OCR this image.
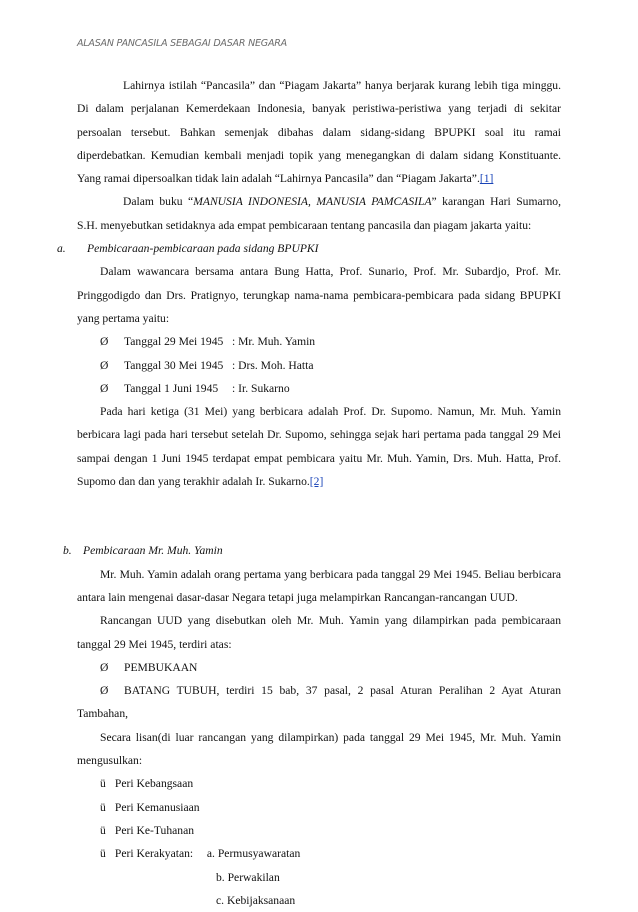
ALASAN PANCASILA SEBAGAI DASAR NEGARA

Lahirnya istilah “Pancasila” dan “Piagam Jakarta” hanya berjarak kurang lebih tiga minggu. Di dalam perjalanan Kemerdekaan Indonesia, banyak peristiwa-peristiwa yang terjadi di sekitar persoalan tersebut. Bahkan semenjak dibahas dalam sidang-sidang BPUPKI soal itu ramai diperdebatkan. Kemudian kembali menjadi topik yang menegangkan di dalam sidang Konstituante. Yang ramai dipersoalkan tidak lain adalah “Lahirnya Pancasila” dan “Piagam Jakarta”.[1]

Dalam buku “MANUSIA INDONESIA, MANUSIA PAMCASILA” karangan Hari Sumarno, S.H. menyebutkan setidaknya ada empat pembicaraan tentang pancasila dan piagam jakarta yaitu:

a. Pembicaraan-pembicaraan pada sidang BPUPKI

Dalam wawancara bersama antara Bung Hatta, Prof. Sunario, Prof. Mr. Subardjo, Prof. Mr. Pringgodigdo dan Drs. Pratignyo, terungkap nama-nama pembicara-pembicara pada sidang BPUPKI yang pertama yaitu:

Ø	Tanggal 29 Mei 1945 : Mr. Muh. Yamin
Ø	Tanggal 30 Mei 1945 : Drs. Moh. Hatta
Ø	Tanggal 1 Juni 1945	: Ir. Sukarno

Pada hari ketiga (31 Mei) yang berbicara adalah Prof. Dr. Supomo. Namun, Mr. Muh. Yamin berbicara lagi pada hari tersebut setelah Dr. Supomo, sehingga sejak hari pertama pada tanggal 29 Mei sampai dengan 1 Juni 1945 terdapat empat pembicara yaitu Mr. Muh. Yamin, Drs. Muh. Hatta, Prof. Supomo dan dan yang terakhir adalah Ir. Sukarno.[2]

b. Pembicaraan Mr. Muh. Yamin

Mr. Muh. Yamin adalah orang pertama yang berbicara pada tanggal 29 Mei 1945. Beliau berbicara antara lain mengenai dasar-dasar Negara tetapi juga melampirkan Rancangan-rancangan UUD.

Rancangan UUD yang disebutkan oleh Mr. Muh. Yamin yang dilampirkan pada pembicaraan tanggal 29 Mei 1945, terdiri atas:

Ø PEMBUKAAN

Ø BATANG TUBUH, terdiri 15 bab, 37 pasal, 2 pasal Aturan Peralihan 2 Ayat Aturan Tambahan,

Secara lisan(di luar rancangan yang dilampirkan) pada tanggal 29 Mei 1945, Mr. Muh. Yamin mengusulkan:

ü Peri Kebangsaan
ü Peri Kemanusiaan
ü Peri Ke-Tuhanan
ü Peri Kerakyatan: a. Permusyawaratan
b. Perwakilan
c. Kebijaksanaan
